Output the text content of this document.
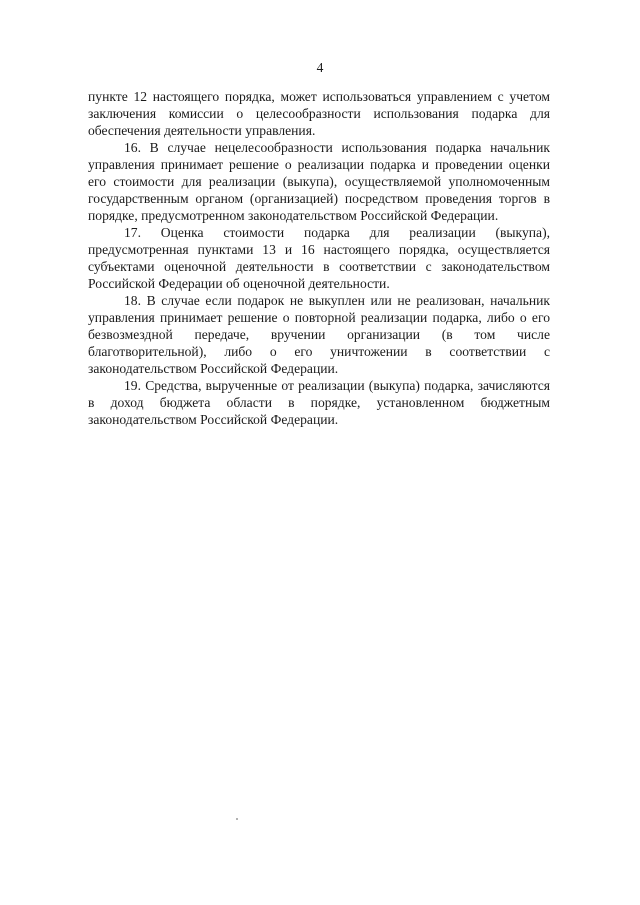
4

пункте 12 настоящего порядка, может использоваться управлением с учетом заключения комиссии о целесообразности использования подарка для обеспечения деятельности управления.

16. В случае нецелесообразности использования подарка начальник управления принимает решение о реализации подарка и проведении оценки его стоимости для реализации (выкупа), осуществляемой уполномоченным государственным органом (организацией) посредством проведения торгов в порядке, предусмотренном законодательством Российской Федерации.

17. Оценка стоимости подарка для реализации (выкупа), предусмотренная пунктами 13 и 16 настоящего порядка, осуществляется субъектами оценочной деятельности в соответствии с законодательством Российской Федерации об оценочной деятельности.

18. В случае если подарок не выкуплен или не реализован, начальник управления принимает решение о повторной реализации подарка, либо о его безвозмездной передаче, вручении организации (в том числе благотворительной), либо о его уничтожении в соответствии с законодательством Российской Федерации.

19. Средства, вырученные от реализации (выкупа) подарка, зачисляются в доход бюджета области в порядке, установленном бюджетным законодательством Российской Федерации.
